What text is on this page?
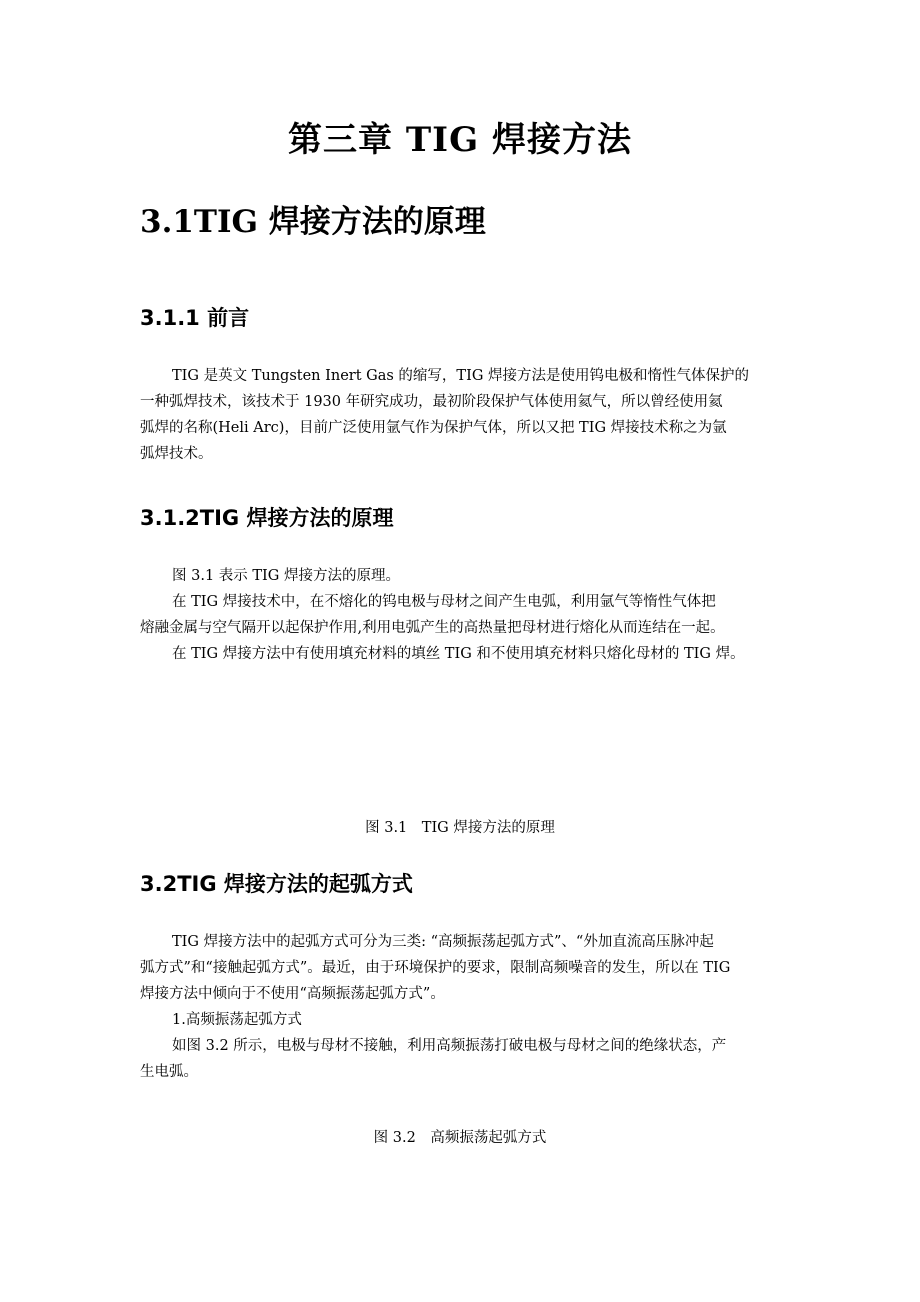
第三章 TIG 焊接方法
3.1TIG 焊接方法的原理
3.1.1 前言
TIG 是英文 Tungsten Inert Gas 的缩写，TIG 焊接方法是使用钨电极和惰性气体保护的
一种弧焊技术，该技术于 1930 年研究成功，最初阶段保护气体使用氦气，所以曾经使用氦
弧焊的名称(Heli Arc)，目前广泛使用氩气作为保护气体，所以又把 TIG 焊接技术称之为氩
弧焊技术。
3.1.2TIG 焊接方法的原理
图 3.1 表示 TIG 焊接方法的原理。
在 TIG 焊接技术中，在不熔化的钨电极与母材之间产生电弧，利用氩气等惰性气体把
熔融金属与空气隔开以起保护作用,利用电弧产生的高热量把母材进行熔化从而连结在一起。
在 TIG 焊接方法中有使用填充材料的填丝 TIG 和不使用填充材料只熔化母材的 TIG 焊。
图 3.1　TIG 焊接方法的原理
3.2TIG 焊接方法的起弧方式
TIG 焊接方法中的起弧方式可分为三类: “高频振荡起弧方式”、“外加直流高压脉冲起
弧方式”和“接触起弧方式”。最近，由于环境保护的要求，限制高频噪音的发生，所以在 TIG
焊接方法中倾向于不使用“高频振荡起弧方式”。
1.高频振荡起弧方式
如图 3.2 所示，电极与母材不接触，利用高频振荡打破电极与母材之间的绝缘状态，产
生电弧。
图 3.2　高频振荡起弧方式
